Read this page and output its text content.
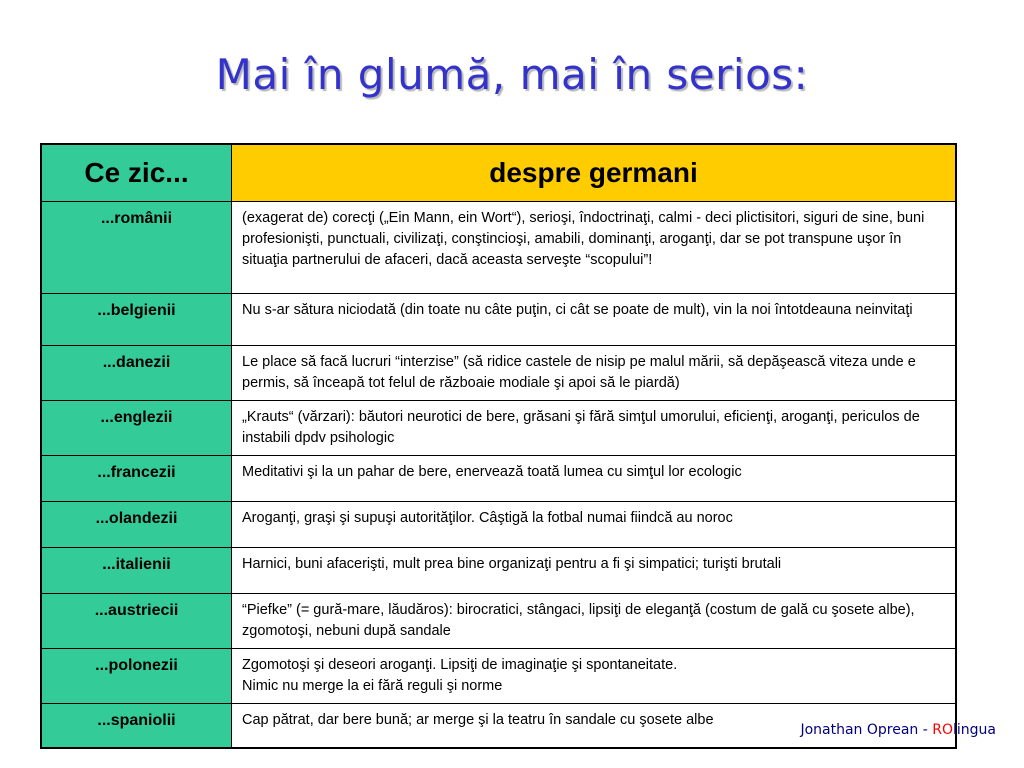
Mai în glumă, mai în serios:
Ce zic...	despre germani
...românii	(exagerat de) corecţi („Ein Mann, ein Wort“), serioşi, îndoctrinaţi, calmi - deci plictisitori, siguri de sine, buni profesionişti, punctuali, civilizaţi, conştincioşi, amabili, dominanţi, aroganţi, dar se pot transpune uşor în situaţia partnerului de afaceri, dacă aceasta serveşte “scopului”!
...belgienii	Nu s-ar sătura niciodată (din toate nu câte puţin, ci cât se poate de mult), vin la noi întotdeauna neinvitaţi
...danezii	Le place să facă lucruri “interzise” (să ridice castele de nisip pe malul mării, să depăşească viteza unde e permis, să înceapă tot felul de războaie modiale şi apoi să le piardă)
...englezii	„Krauts“ (vărzari): băutori neurotici de bere, grăsani şi fără simţul umorului, eficienţi, aroganţi, periculos de instabili dpdv psihologic
...francezii	Meditativi şi la un pahar de bere, enervează toată lumea cu simţul lor ecologic
...olandezii	Aroganţi, graşi şi supuşi autorităţilor. Câştigă la fotbal numai fiindcă au noroc
...italienii	Harnici, buni afacerişti, mult prea bine organizaţi pentru a fi şi simpatici; turişti brutali
...austriecii	“Piefke” (= gură-mare, lăudăros): birocratici, stângaci, lipsiţi de eleganţă (costum de gală cu şosete albe), zgomotoşi, nebuni după sandale
...polonezii	Zgomotoşi şi deseori aroganţi. Lipsiţi de imaginaţie şi spontaneitate.
Nimic nu merge la ei fără reguli şi norme
...spaniolii	Cap pătrat, dar bere bună; ar merge şi la teatru în sandale cu şosete albe
Jonathan Oprean - ROlingua
